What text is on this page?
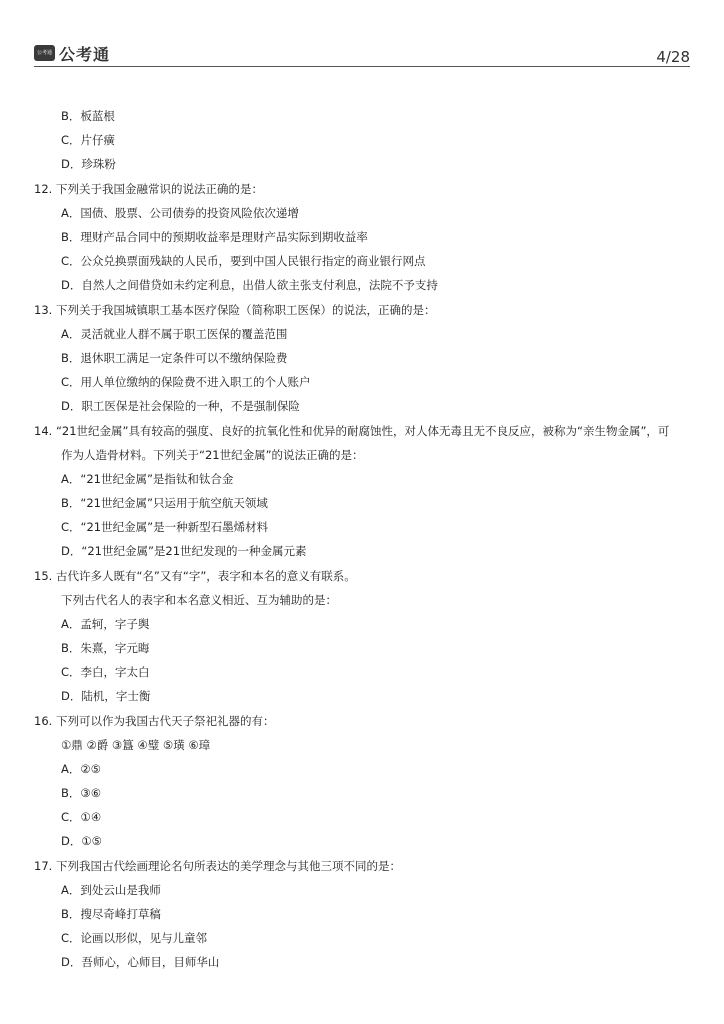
公考通 公考通	4/28
B．板蓝根
C．片仔癀
D．珍珠粉
12. 下列关于我国金融常识的说法正确的是：
A．国债、股票、公司债券的投资风险依次递增
B．理财产品合同中的预期收益率是理财产品实际到期收益率
C．公众兑换票面残缺的人民币，要到中国人民银行指定的商业银行网点
D．自然人之间借贷如未约定利息，出借人欲主张支付利息，法院不予支持
13. 下列关于我国城镇职工基本医疗保险（简称职工医保）的说法，正确的是：
A．灵活就业人群不属于职工医保的覆盖范围
B．退休职工满足一定条件可以不缴纳保险费
C．用人单位缴纳的保险费不进入职工的个人账户
D．职工医保是社会保险的一种，不是强制保险
14. “21世纪金属”具有较高的强度、良好的抗氧化性和优异的耐腐蚀性，对人体无毒且无不良反应，被称为“亲生物金属”，可
作为人造骨材料。下列关于“21世纪金属”的说法正确的是：
A．“21世纪金属”是指钛和钛合金
B．“21世纪金属”只运用于航空航天领域
C．“21世纪金属”是一种新型石墨烯材料
D．“21世纪金属”是21世纪发现的一种金属元素
15. 古代许多人既有“名”又有“字”，表字和本名的意义有联系。
下列古代名人的表字和本名意义相近、互为辅助的是：
A．孟轲，字子舆
B．朱熹，字元晦
C．李白，字太白
D．陆机，字士衡
16. 下列可以作为我国古代天子祭祀礼器的有：
①鼎 ②爵 ③簋 ④璧 ⑤璜 ⑥璋
A．②⑤
B．③⑥
C．①④
D．①⑤
17. 下列我国古代绘画理论名句所表达的美学理念与其他三项不同的是：
A．到处云山是我师
B．搜尽奇峰打草稿
C．论画以形似，见与儿童邻
D．吾师心，心师目，目师华山
